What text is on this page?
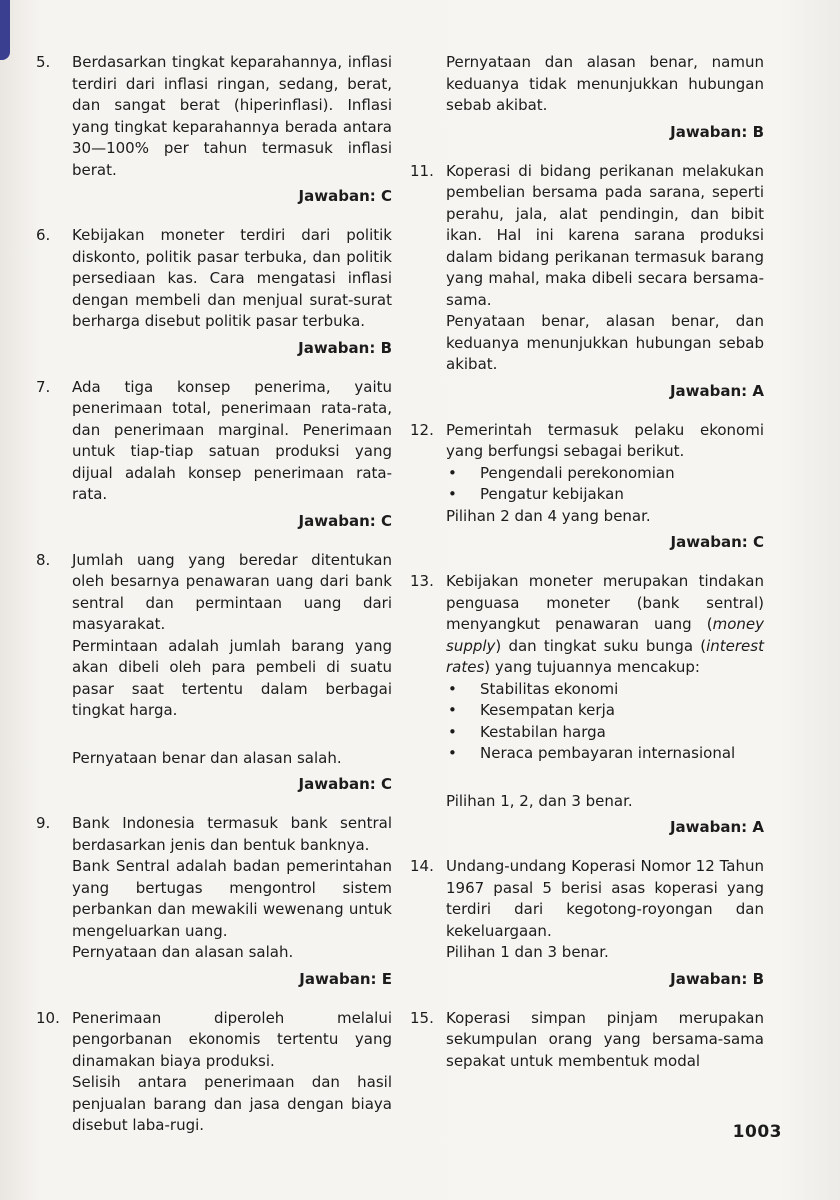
5. Berdasarkan tingkat keparahannya, inflasi terdiri dari inflasi ringan, sedang, berat, dan sangat berat (hiperinflasi). Inflasi yang tingkat keparahannya berada antara 30—100% per tahun termasuk inflasi berat.

Jawaban: C
6. Kebijakan moneter terdiri dari politik diskonto, politik pasar terbuka, dan politik persediaan kas. Cara mengatasi inflasi dengan membeli dan menjual surat-surat berharga disebut politik pasar terbuka.

Jawaban: B
7. Ada tiga konsep penerima, yaitu penerimaan total, penerimaan rata-rata, dan penerimaan marginal. Penerimaan untuk tiap-tiap satuan produksi yang dijual adalah konsep penerimaan rata-rata.

Jawaban: C
8. Jumlah uang yang beredar ditentukan oleh besarnya penawaran uang dari bank sentral dan permintaan uang dari masyarakat.

Permintaan adalah jumlah barang yang akan dibeli oleh para pembeli di suatu pasar saat tertentu dalam berbagai tingkat harga.

Pernyataan benar dan alasan salah.

Jawaban: C
9. Bank Indonesia termasuk bank sentral berdasarkan jenis dan bentuk banknya.

Bank Sentral adalah badan pemerintahan yang bertugas mengontrol sistem perbankan dan mewakili wewenang untuk mengeluarkan uang.

Pernyataan dan alasan salah.

Jawaban: E
10. Penerimaan diperoleh melalui pengorbanan ekonomis tertentu yang dinamakan biaya produksi.

Selisih antara penerimaan dan hasil penjualan barang dan jasa dengan biaya disebut laba-rugi.

Pernyataan dan alasan benar, namun keduanya tidak menunjukkan hubungan sebab akibat.

Jawaban: B
11. Koperasi di bidang perikanan melakukan pembelian bersama pada sarana, seperti perahu, jala, alat pendingin, dan bibit ikan. Hal ini karena sarana produksi dalam bidang perikanan termasuk barang yang mahal, maka dibeli secara bersama-sama.

Penyataan benar, alasan benar, dan keduanya menunjukkan hubungan sebab akibat.

Jawaban: A
12. Pemerintah termasuk pelaku ekonomi yang berfungsi sebagai berikut.

• Pengendali perekonomian
• Pengatur kebijakan

Pilihan 2 dan 4 yang benar.

Jawaban: C
13. Kebijakan moneter merupakan tindakan penguasa moneter (bank sentral) menyangkut penawaran uang (money supply) dan tingkat suku bunga (interest rates) yang tujuannya mencakup:

• Stabilitas ekonomi
• Kesempatan kerja
• Kestabilan harga
• Neraca pembayaran internasional

Pilihan 1, 2, dan 3 benar.

Jawaban: A
14. Undang-undang Koperasi Nomor 12 Tahun 1967 pasal 5 berisi asas koperasi yang terdiri dari kegotong-royongan dan kekeluargaan.

Pilihan 1 dan 3 benar.

Jawaban: B
15. Koperasi simpan pinjam merupakan sekumpulan orang yang bersama-sama sepakat untuk membentuk modal

1003
